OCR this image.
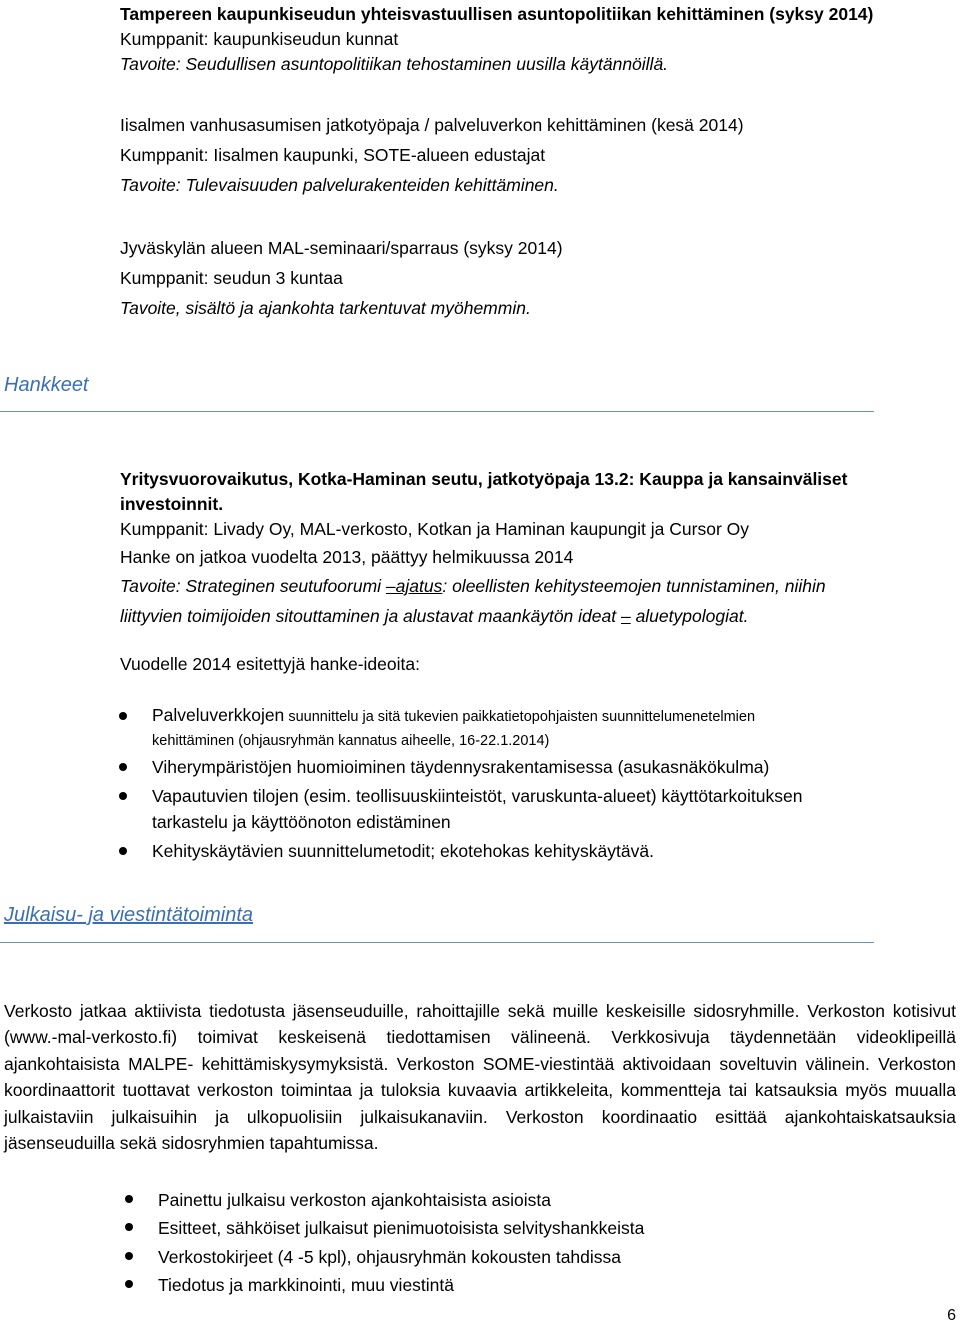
Tampereen kaupunkiseudun yhteisvastuullisen asuntopolitiikan kehittäminen (syksy 2014)
Kumppanit: kaupunkiseudun kunnat
Tavoite: Seudullisen asuntopolitiikan tehostaminen uusilla käytännöillä.
Iisalmen vanhusasumisen jatkotyöpaja / palveluverkon kehittäminen (kesä 2014)
Kumppanit: Iisalmen kaupunki, SOTE-alueen edustajat
Tavoite: Tulevaisuuden palvelurakenteiden kehittäminen.
Jyväskylän alueen MAL-seminaari/sparraus (syksy 2014)
Kumppanit: seudun 3 kuntaa
Tavoite, sisältö ja ajankohta tarkentuvat myöhemmin.
Hankkeet
Yritysvuorovaikutus, Kotka-Haminan seutu, jatkotyöpaja 13.2: Kauppa ja kansainväliset
investoinnit.
Kumppanit: Livady Oy, MAL-verkosto, Kotkan ja Haminan kaupungit ja Cursor Oy
Hanke on jatkoa vuodelta 2013, päättyy helmikuussa 2014
Tavoite: Strateginen seutufoorumi –ajatus: oleellisten kehitysteemojen tunnistaminen, niihin
liittyvien toimijoiden sitouttaminen ja alustavat maankäytön ideat – aluetypologiat.
Vuodelle 2014 esitettyjä hanke-ideoita:
Palveluverkkojen suunnittelu ja sitä tukevien paikkatietopohjaisten suunnittelumenetelmien
kehittäminen (ohjausryhmän kannatus aiheelle, 16-22.1.2014)
Viherympäristöjen huomioiminen täydennysrakentamisessa (asukasnäkökulma)
Vapautuvien tilojen (esim. teollisuuskiinteistöt, varuskunta-alueet) käyttötarkoituksen
tarkastelu ja käyttöönoton edistäminen
Kehityskäytävien suunnittelumetodit; ekotehokas kehityskäytävä.
Julkaisu- ja viestintätoiminta
Verkosto jatkaa aktiivista tiedotusta jäsenseuduille, rahoittajille sekä muille keskeisille sidosryhmille. Verkoston kotisivut (www.-mal-verkosto.fi) toimivat keskeisenä tiedottamisen välineenä. Verkkosivuja täydennetään videoklipeillä ajankohtaisista MALPE- kehittämiskysymyksistä. Verkoston SOME-viestintää aktivoidaan soveltuvin välinein. Verkoston koordinaattorit tuottavat verkoston toimintaa ja tuloksia kuvaavia artikkeleita, kommentteja tai katsauksia myös muualla julkaistaviin julkaisuihin ja ulkopuolisiin julkaisukanaviin. Verkoston koordinaatio esittää ajankohtaiskatsauksia jäsenseuduilla sekä sidosryhmien tapahtumissa.
Painettu julkaisu verkoston ajankohtaisista asioista
Esitteet, sähköiset julkaisut pienimuotoisista selvityshankkeista
Verkostokirjeet (4 -5 kpl), ohjausryhmän kokousten tahdissa
Tiedotus ja markkinointi, muu viestintä
6
